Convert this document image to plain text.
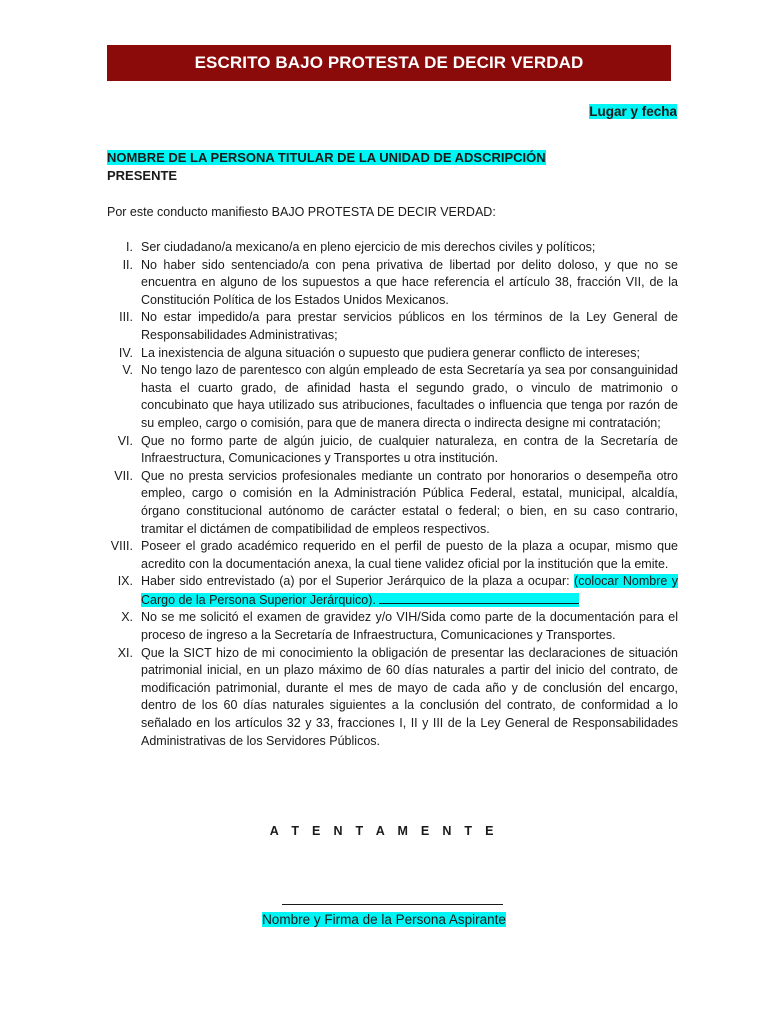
ESCRITO BAJO PROTESTA DE DECIR VERDAD
Lugar y fecha
NOMBRE DE LA PERSONA TITULAR DE LA UNIDAD DE ADSCRIPCIÓN
PRESENTE
Por este conducto manifiesto BAJO PROTESTA DE DECIR VERDAD:
I. Ser ciudadano/a mexicano/a en pleno ejercicio de mis derechos civiles y políticos;
II. No haber sido sentenciado/a con pena privativa de libertad por delito doloso, y que no se encuentra en alguno de los supuestos a que hace referencia el artículo 38, fracción VII, de la Constitución Política de los Estados Unidos Mexicanos.
III. No estar impedido/a para prestar servicios públicos en los términos de la Ley General de Responsabilidades Administrativas;
IV. La inexistencia de alguna situación o supuesto que pudiera generar conflicto de intereses;
V. No tengo lazo de parentesco con algún empleado de esta Secretaría ya sea por consanguinidad hasta el cuarto grado, de afinidad hasta el segundo grado, o vinculo de matrimonio o concubinato que haya utilizado sus atribuciones, facultades o influencia que tenga por razón de su empleo, cargo o comisión, para que de manera directa o indirecta designe mi contratación;
VI. Que no formo parte de algún juicio, de cualquier naturaleza, en contra de la Secretaría de Infraestructura, Comunicaciones y Transportes u otra institución.
VII. Que no presta servicios profesionales mediante un contrato por honorarios o desempeña otro empleo, cargo o comisión en la Administración Pública Federal, estatal, municipal, alcaldía, órgano constitucional autónomo de carácter estatal o federal; o bien, en su caso contrario, tramitar el dictámen de compatibilidad de empleos respectivos.
VIII. Poseer el grado académico requerido en el perfil de puesto de la plaza a ocupar, mismo que acredito con la documentación anexa, la cual tiene validez oficial por la institución que la emite.
IX. Haber sido entrevistado (a) por el Superior Jerárquico de la plaza a ocupar: (colocar Nombre y Cargo de la Persona Superior Jerárquico).
X. No se me solicitó el examen de gravidez y/o VIH/Sida como parte de la documentación para el proceso de ingreso a la Secretaría de Infraestructura, Comunicaciones y Transportes.
XI. Que la SICT hizo de mi conocimiento la obligación de presentar las declaraciones de situación patrimonial inicial, en un plazo máximo de 60 días naturales a partir del inicio del contrato, de modificación patrimonial, durante el mes de mayo de cada año y de conclusión del encargo, dentro de los 60 días naturales siguientes a la conclusión del contrato, de conformidad a lo señalado en los artículos 32 y 33, fracciones I, II y III de la Ley General de Responsabilidades Administrativas de los Servidores Públicos.
A T E N T A M E N T E
Nombre y Firma de la Persona Aspirante
